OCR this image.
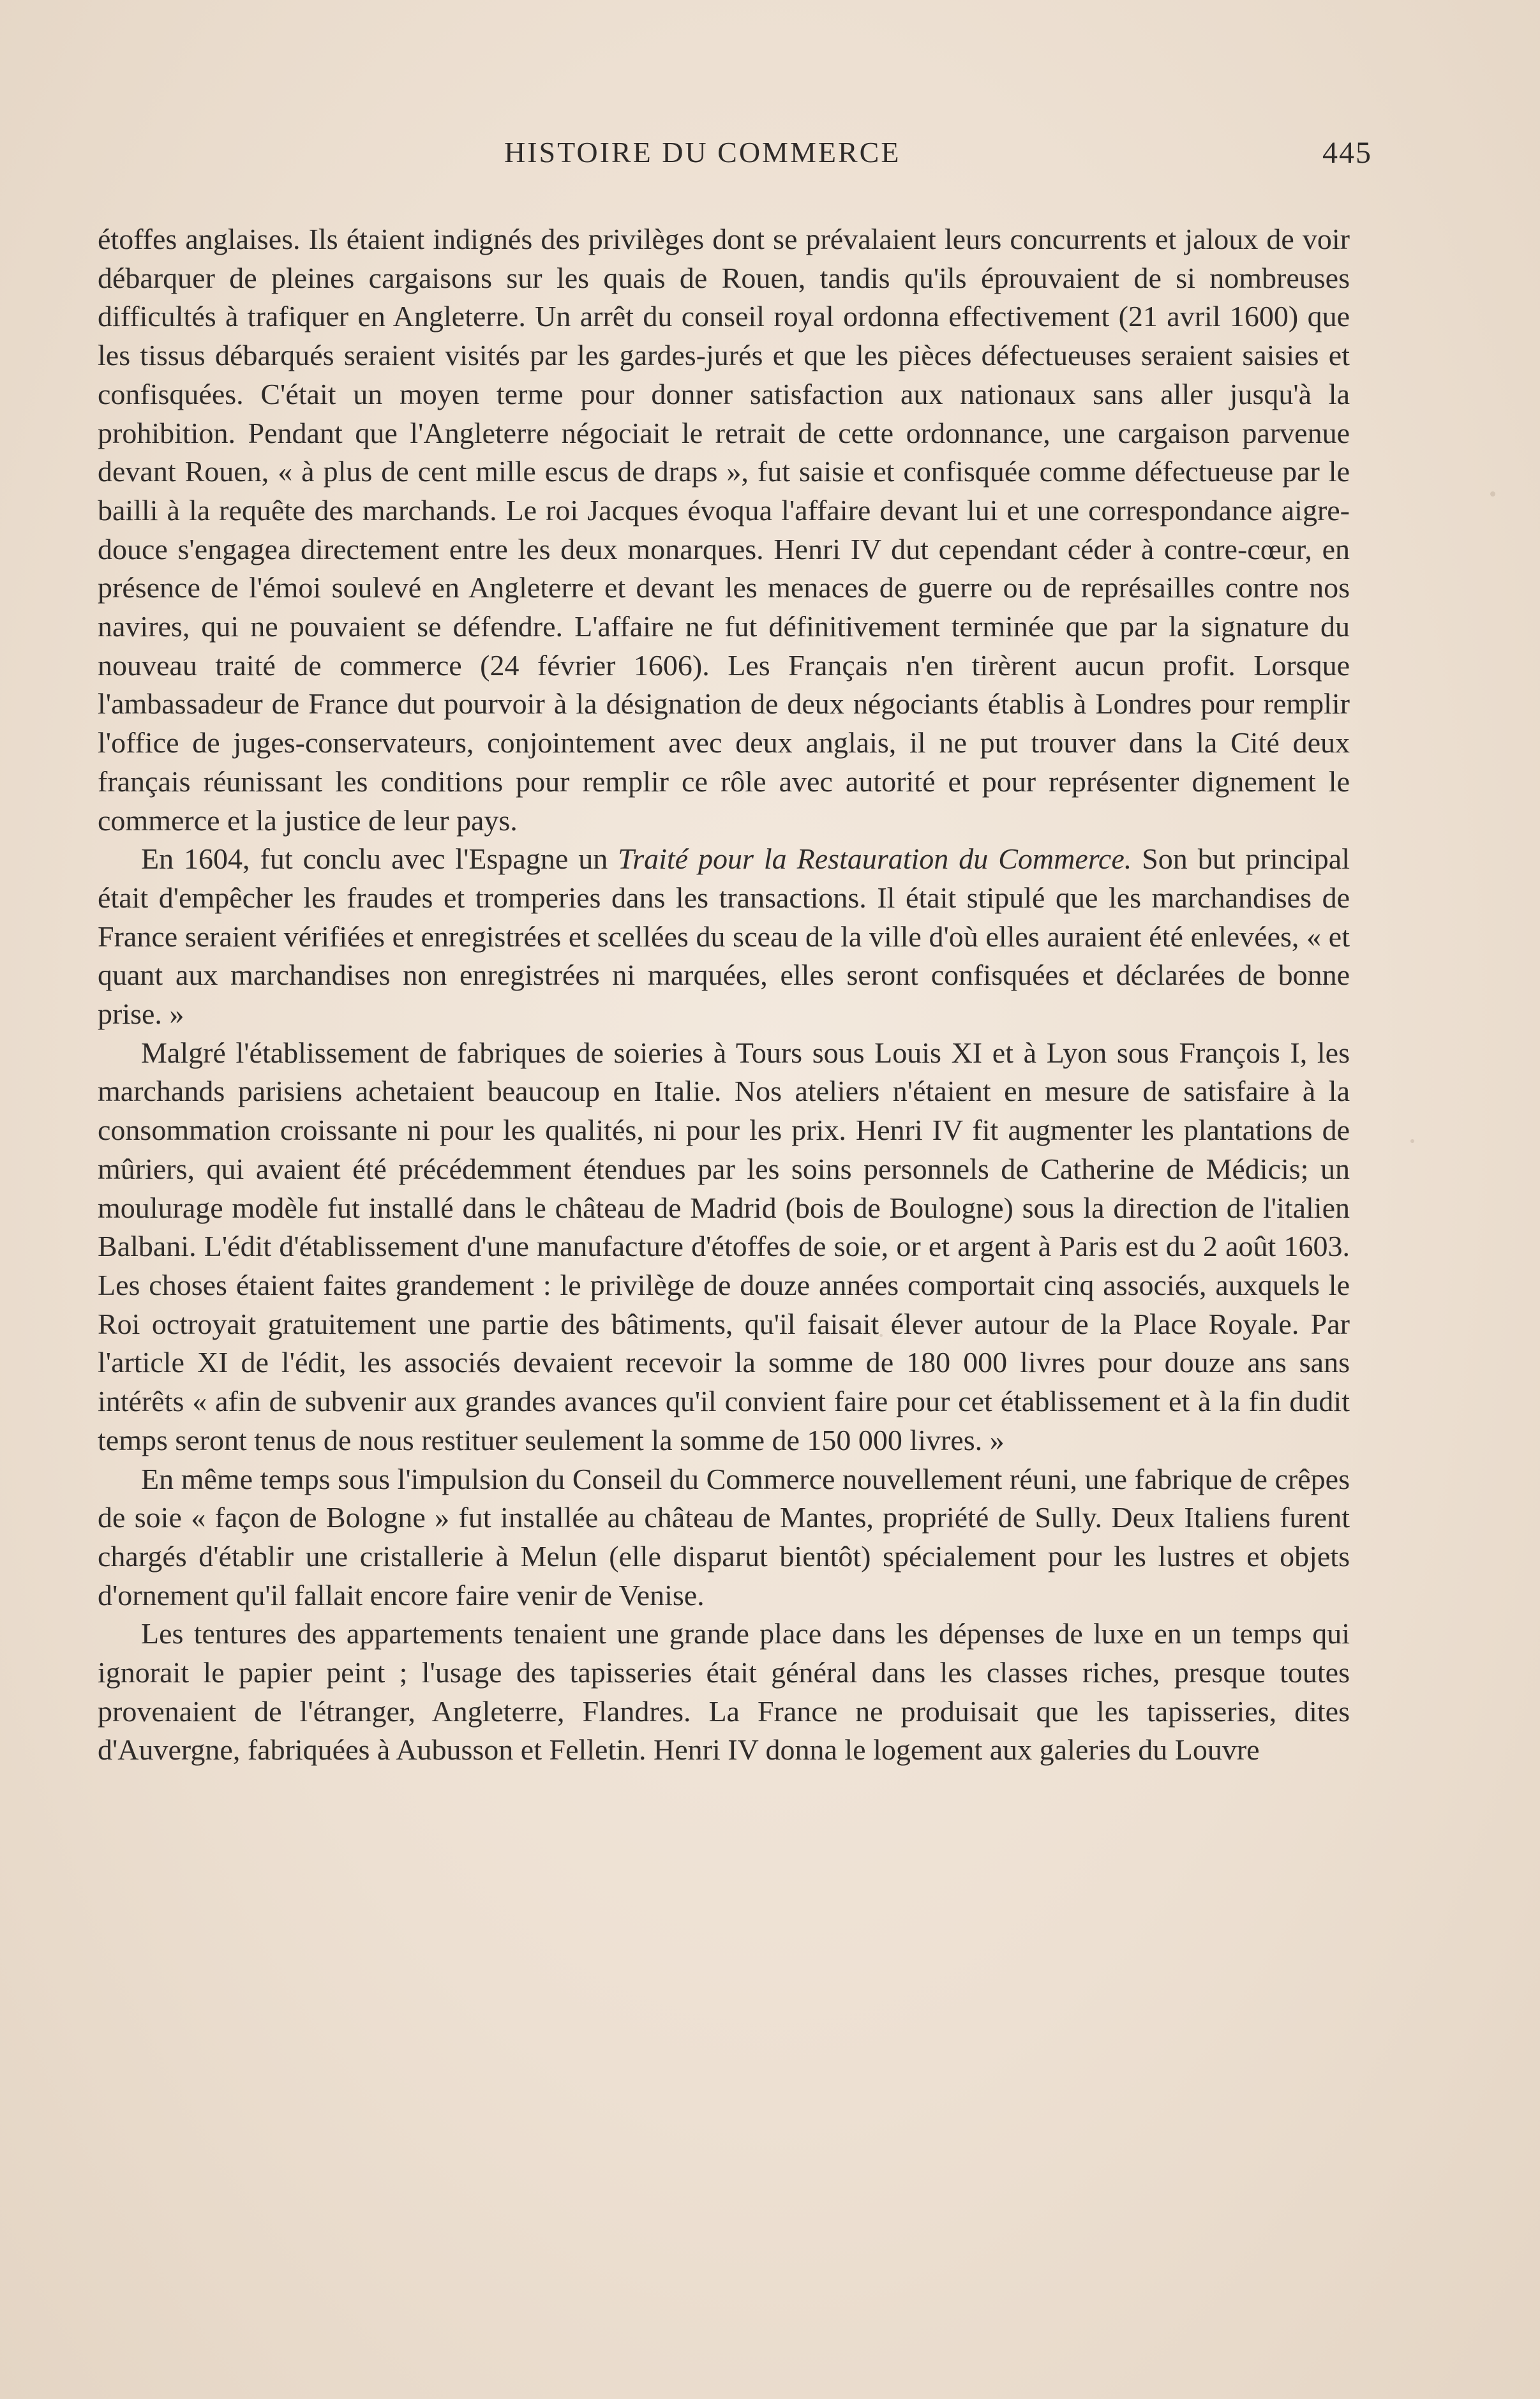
HISTOIRE DU COMMERCE	445

étoffes anglaises. Ils étaient indignés des privilèges dont se prévalaient leurs concurrents et jaloux de voir débarquer de pleines cargaisons sur les quais de Rouen, tandis qu'ils éprouvaient de si nombreuses difficultés à trafiquer en Angleterre. Un arrêt du conseil royal ordonna effectivement (21 avril 1600) que les tissus débarqués seraient visités par les gardes-jurés et que les pièces défectueuses seraient saisies et confisquées. C'était un moyen terme pour donner satisfaction aux nationaux sans aller jusqu'à la prohibition. Pendant que l'Angleterre négociait le retrait de cette ordonnance, une cargaison parvenue devant Rouen, « à plus de cent mille escus de draps », fut saisie et confisquée comme défectueuse par le bailli à la requête des marchands. Le roi Jacques évoqua l'affaire devant lui et une correspondance aigre-douce s'engagea directement entre les deux monarques. Henri IV dut cependant céder à contre-cœur, en présence de l'émoi soulevé en Angleterre et devant les menaces de guerre ou de représailles contre nos navires, qui ne pouvaient se défendre. L'affaire ne fut définitivement terminée que par la signature du nouveau traité de commerce (24 février 1606). Les Français n'en tirèrent aucun profit. Lorsque l'ambassadeur de France dut pourvoir à la désignation de deux négociants établis à Londres pour remplir l'office de juges-conservateurs, conjointement avec deux anglais, il ne put trouver dans la Cité deux français réunissant les conditions pour remplir ce rôle avec autorité et pour représenter dignement le commerce et la justice de leur pays.

En 1604, fut conclu avec l'Espagne un Traité pour la Restauration du Commerce. Son but principal était d'empêcher les fraudes et tromperies dans les transactions. Il était stipulé que les marchandises de France seraient vérifiées et enregistrées et scellées du sceau de la ville d'où elles auraient été enlevées, « et quant aux marchandises non enregistrées ni marquées, elles seront confisquées et déclarées de bonne prise. »

Malgré l'établissement de fabriques de soieries à Tours sous Louis XI et à Lyon sous François I, les marchands parisiens achetaient beaucoup en Italie. Nos ateliers n'étaient en mesure de satisfaire à la consommation croissante ni pour les qualités, ni pour les prix. Henri IV fit augmenter les plantations de mûriers, qui avaient été précédemment étendues par les soins personnels de Catherine de Médicis; un moulurage modèle fut installé dans le château de Madrid (bois de Boulogne) sous la direction de l'italien Balbani. L'édit d'établissement d'une manufacture d'étoffes de soie, or et argent à Paris est du 2 août 1603. Les choses étaient faites grandement : le privilège de douze années comportait cinq associés, auxquels le Roi octroyait gratuitement une partie des bâtiments, qu'il faisait élever autour de la Place Royale. Par l'article XI de l'édit, les associés devaient recevoir la somme de 180 000 livres pour douze ans sans intérêts « afin de subvenir aux grandes avances qu'il convient faire pour cet établissement et à la fin dudit temps seront tenus de nous restituer seulement la somme de 150 000 livres. »

En même temps sous l'impulsion du Conseil du Commerce nouvellement réuni, une fabrique de crêpes de soie « façon de Bologne » fut installée au château de Mantes, propriété de Sully. Deux Italiens furent chargés d'établir une cristallerie à Melun (elle disparut bientôt) spécialement pour les lustres et objets d'ornement qu'il fallait encore faire venir de Venise.

Les tentures des appartements tenaient une grande place dans les dépenses de luxe en un temps qui ignorait le papier peint ; l'usage des tapisseries était général dans les classes riches, presque toutes provenaient de l'étranger, Angleterre, Flandres. La France ne produisait que les tapisseries, dites d'Auvergne, fabriquées à Aubusson et Felletin. Henri IV donna le logement aux galeries du Louvre
